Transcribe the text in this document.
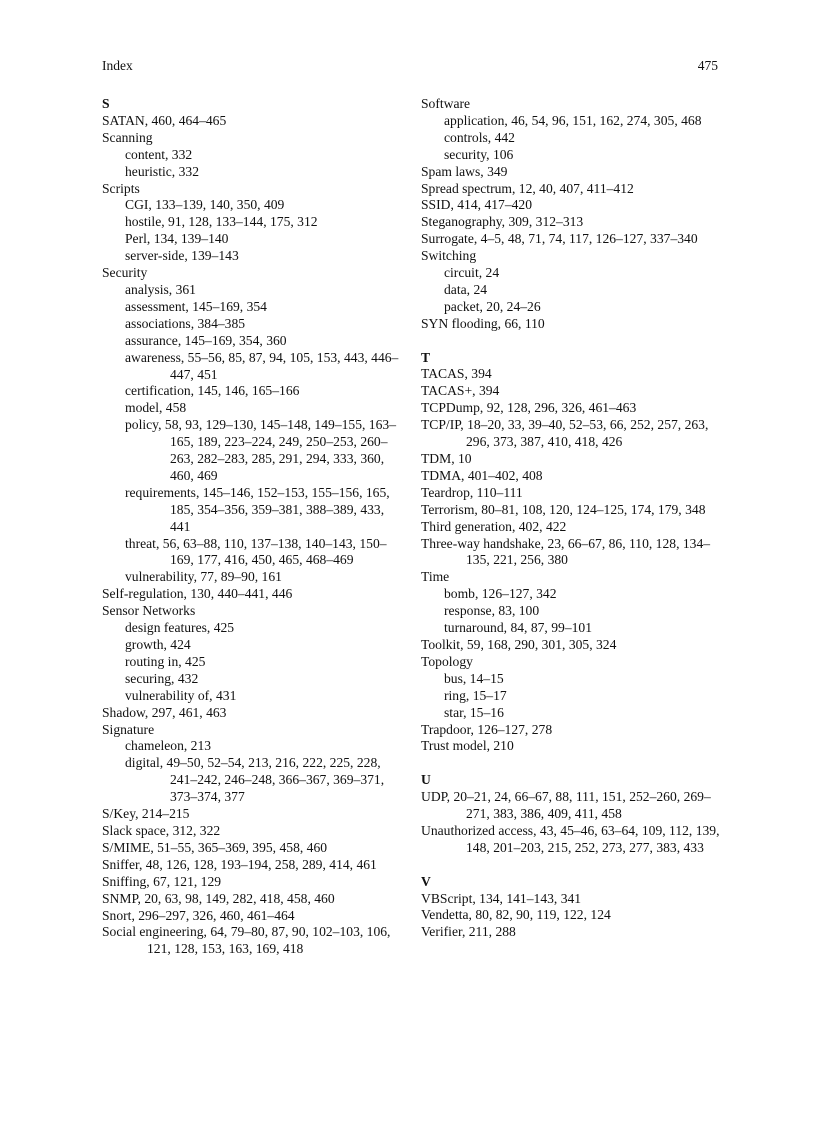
Index	475
S
SATAN, 460, 464–465
Scanning
content, 332
heuristic, 332
Scripts
CGI, 133–139, 140, 350, 409
hostile, 91, 128, 133–144, 175, 312
Perl, 134, 139–140
server-side, 139–143
Security
analysis, 361
assessment, 145–169, 354
associations, 384–385
assurance, 145–169, 354, 360
awareness, 55–56, 85, 87, 94, 105, 153, 443, 446–447, 451
certification, 145, 146, 165–166
model, 458
policy, 58, 93, 129–130, 145–148, 149–155, 163–165, 189, 223–224, 249, 250–253, 260–263, 282–283, 285, 291, 294, 333, 360, 460, 469
requirements, 145–146, 152–153, 155–156, 165, 185, 354–356, 359–381, 388–389, 433, 441
threat, 56, 63–88, 110, 137–138, 140–143, 150–169, 177, 416, 450, 465, 468–469
vulnerability, 77, 89–90, 161
Self-regulation, 130, 440–441, 446
Sensor Networks
design features, 425
growth, 424
routing in, 425
securing, 432
vulnerability of, 431
Shadow, 297, 461, 463
Signature
chameleon, 213
digital, 49–50, 52–54, 213, 216, 222, 225, 228, 241–242, 246–248, 366–367, 369–371, 373–374, 377
S/Key, 214–215
Slack space, 312, 322
S/MIME, 51–55, 365–369, 395, 458, 460
Sniffer, 48, 126, 128, 193–194, 258, 289, 414, 461
Sniffing, 67, 121, 129
SNMP, 20, 63, 98, 149, 282, 418, 458, 460
Snort, 296–297, 326, 460, 461–464
Social engineering, 64, 79–80, 87, 90, 102–103, 106, 121, 128, 153, 163, 169, 418
Software
application, 46, 54, 96, 151, 162, 274, 305, 468
controls, 442
security, 106
Spam laws, 349
Spread spectrum, 12, 40, 407, 411–412
SSID, 414, 417–420
Steganography, 309, 312–313
Surrogate, 4–5, 48, 71, 74, 117, 126–127, 337–340
Switching
circuit, 24
data, 24
packet, 20, 24–26
SYN flooding, 66, 110
T
TACAS, 394
TACAS+, 394
TCPDump, 92, 128, 296, 326, 461–463
TCP/IP, 18–20, 33, 39–40, 52–53, 66, 252, 257, 263, 296, 373, 387, 410, 418, 426
TDM, 10
TDMA, 401–402, 408
Teardrop, 110–111
Terrorism, 80–81, 108, 120, 124–125, 174, 179, 348
Third generation, 402, 422
Three-way handshake, 23, 66–67, 86, 110, 128, 134–135, 221, 256, 380
Time
bomb, 126–127, 342
response, 83, 100
turnaround, 84, 87, 99–101
Toolkit, 59, 168, 290, 301, 305, 324
Topology
bus, 14–15
ring, 15–17
star, 15–16
Trapdoor, 126–127, 278
Trust model, 210
U
UDP, 20–21, 24, 66–67, 88, 111, 151, 252–260, 269–271, 383, 386, 409, 411, 458
Unauthorized access, 43, 45–46, 63–64, 109, 112, 139, 148, 201–203, 215, 252, 273, 277, 383, 433
V
VBScript, 134, 141–143, 341
Vendetta, 80, 82, 90, 119, 122, 124
Verifier, 211, 288
